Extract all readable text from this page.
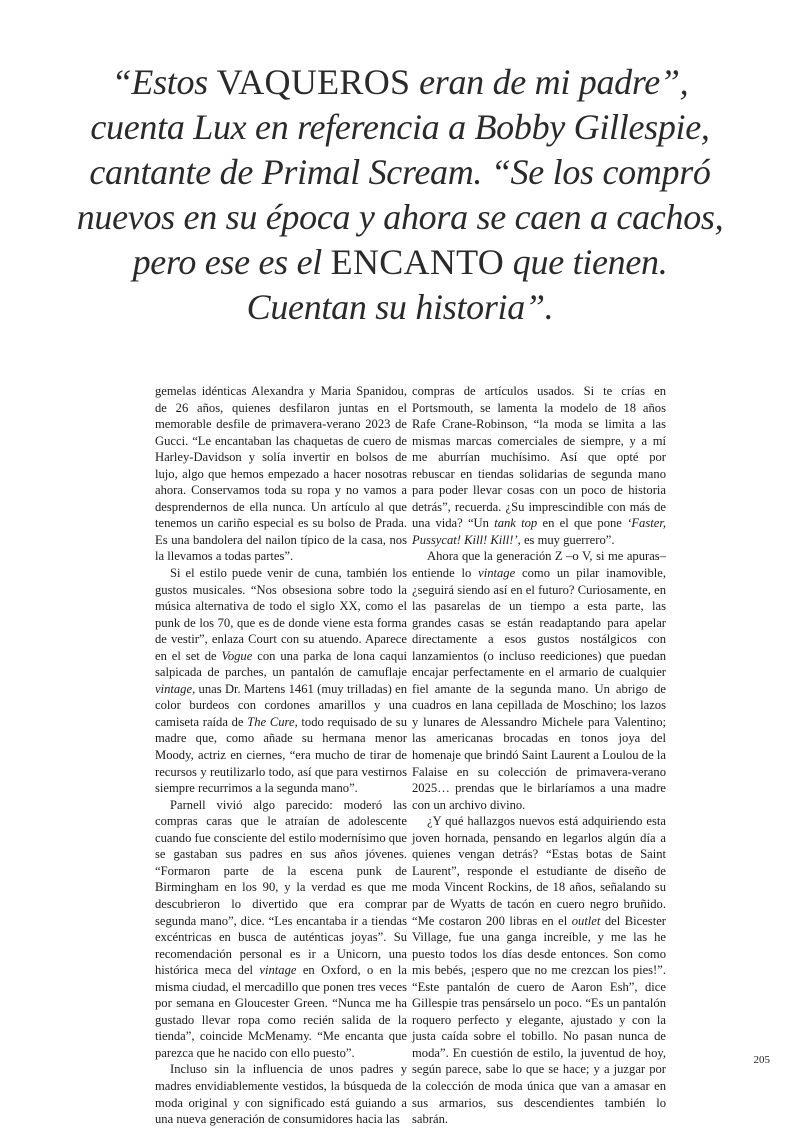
“Estos VAQUEROS eran de mi padre”,
cuenta Lux en referencia a Bobby Gillespie,
cantante de Primal Scream. “Se los compró
nuevos en su época y ahora se caen a cachos,
pero ese es el ENCANTO que tienen.
Cuentan su historia”.

gemelas idénticas Alexandra y Maria Spanidou, de 26 años, quienes desfilaron juntas en el memorable desfile de primavera-verano 2023 de Gucci. “Le encantaban las chaquetas de cuero de Harley-Davidson y solía invertir en bolsos de lujo, algo que hemos empezado a hacer nosotras ahora. Conservamos toda su ropa y no vamos a desprendernos de ella nunca. Un artículo al que tenemos un cariño especial es su bolso de Prada. Es una bandolera del nailon típico de la casa, nos la llevamos a todas partes”.

Si el estilo puede venir de cuna, también los gustos musicales. “Nos obsesiona sobre todo la música alternativa de todo el siglo XX, como el punk de los 70, que es de donde viene esta forma de vestir”, enlaza Court con su atuendo. Aparece en el set de Vogue con una parka de lona caqui salpicada de parches, un pantalón de camuflaje vintage, unas Dr. Martens 1461 (muy trilladas) en color burdeos con cordones amarillos y una camiseta raída de The Cure, todo requisado de su madre que, como añade su hermana menor Moody, actriz en ciernes, “era mucho de tirar de recursos y reutilizarlo todo, así que para vestirnos siempre recurrimos a la segunda mano”.

Parnell vivió algo parecido: moderó las compras caras que le atraían de adolescente cuando fue consciente del estilo modernísimo que se gastaban sus padres en sus años jóvenes. “Formaron parte de la escena punk de Birmingham en los 90, y la verdad es que me descubrieron lo divertido que era comprar segunda mano”, dice. “Les encantaba ir a tiendas excéntricas en busca de auténticas joyas”. Su recomendación personal es ir a Unicorn, una histórica meca del vintage en Oxford, o en la misma ciudad, el mercadillo que ponen tres veces por semana en Gloucester Green. “Nunca me ha gustado llevar ropa como recién salida de la tienda”, coincide McMenamy. “Me encanta que parezca que he nacido con ello puesto”.

Incluso sin la influencia de unos padres y madres envidiablemente vestidos, la búsqueda de moda original y con significado está guiando a una nueva generación de consumidores hacia las

compras de artículos usados. Si te crías en Portsmouth, se lamenta la modelo de 18 años Rafe Crane-Robinson, “la moda se limita a las mismas marcas comerciales de siempre, y a mí me aburrían muchísimo. Así que opté por rebuscar en tiendas solidarias de segunda mano para poder llevar cosas con un poco de historia detrás”, recuerda. ¿Su imprescindible con más de una vida? “Un tank top en el que pone ‘Faster, Pussycat! Kill! Kill!’, es muy guerrero”.

Ahora que la generación Z –o V, si me apuras– entiende lo vintage como un pilar inamovible, ¿seguirá siendo así en el futuro? Curiosamente, en las pasarelas de un tiempo a esta parte, las grandes casas se están readaptando para apelar directamente a esos gustos nostálgicos con lanzamientos (o incluso reediciones) que puedan encajar perfectamente en el armario de cualquier fiel amante de la segunda mano. Un abrigo de cuadros en lana cepillada de Moschino; los lazos y lunares de Alessandro Michele para Valentino; las americanas brocadas en tonos joya del homenaje que brindó Saint Laurent a Loulou de la Falaise en su colección de primavera-verano 2025… prendas que le birlaríamos a una madre con un archivo divino.

¿Y qué hallazgos nuevos está adquiriendo esta joven hornada, pensando en legarlos algún día a quienes vengan detrás? “Estas botas de Saint Laurent”, responde el estudiante de diseño de moda Vincent Rockins, de 18 años, señalando su par de Wyatts de tacón en cuero negro bruñido. “Me costaron 200 libras en el outlet del Bicester Village, fue una ganga increíble, y me las he puesto todos los días desde entonces. Son como mis bebés, ¡espero que no me crezcan los pies!”. “Este pantalón de cuero de Aaron Esh”, dice Gillespie tras pensárselo un poco. “Es un pantalón roquero perfecto y elegante, ajustado y con la justa caída sobre el tobillo. No pasan nunca de moda”. En cuestión de estilo, la juventud de hoy, según parece, sabe lo que se hace; y a juzgar por la colección de moda única que van a amasar en sus armarios, sus descendientes también lo sabrán.

205
